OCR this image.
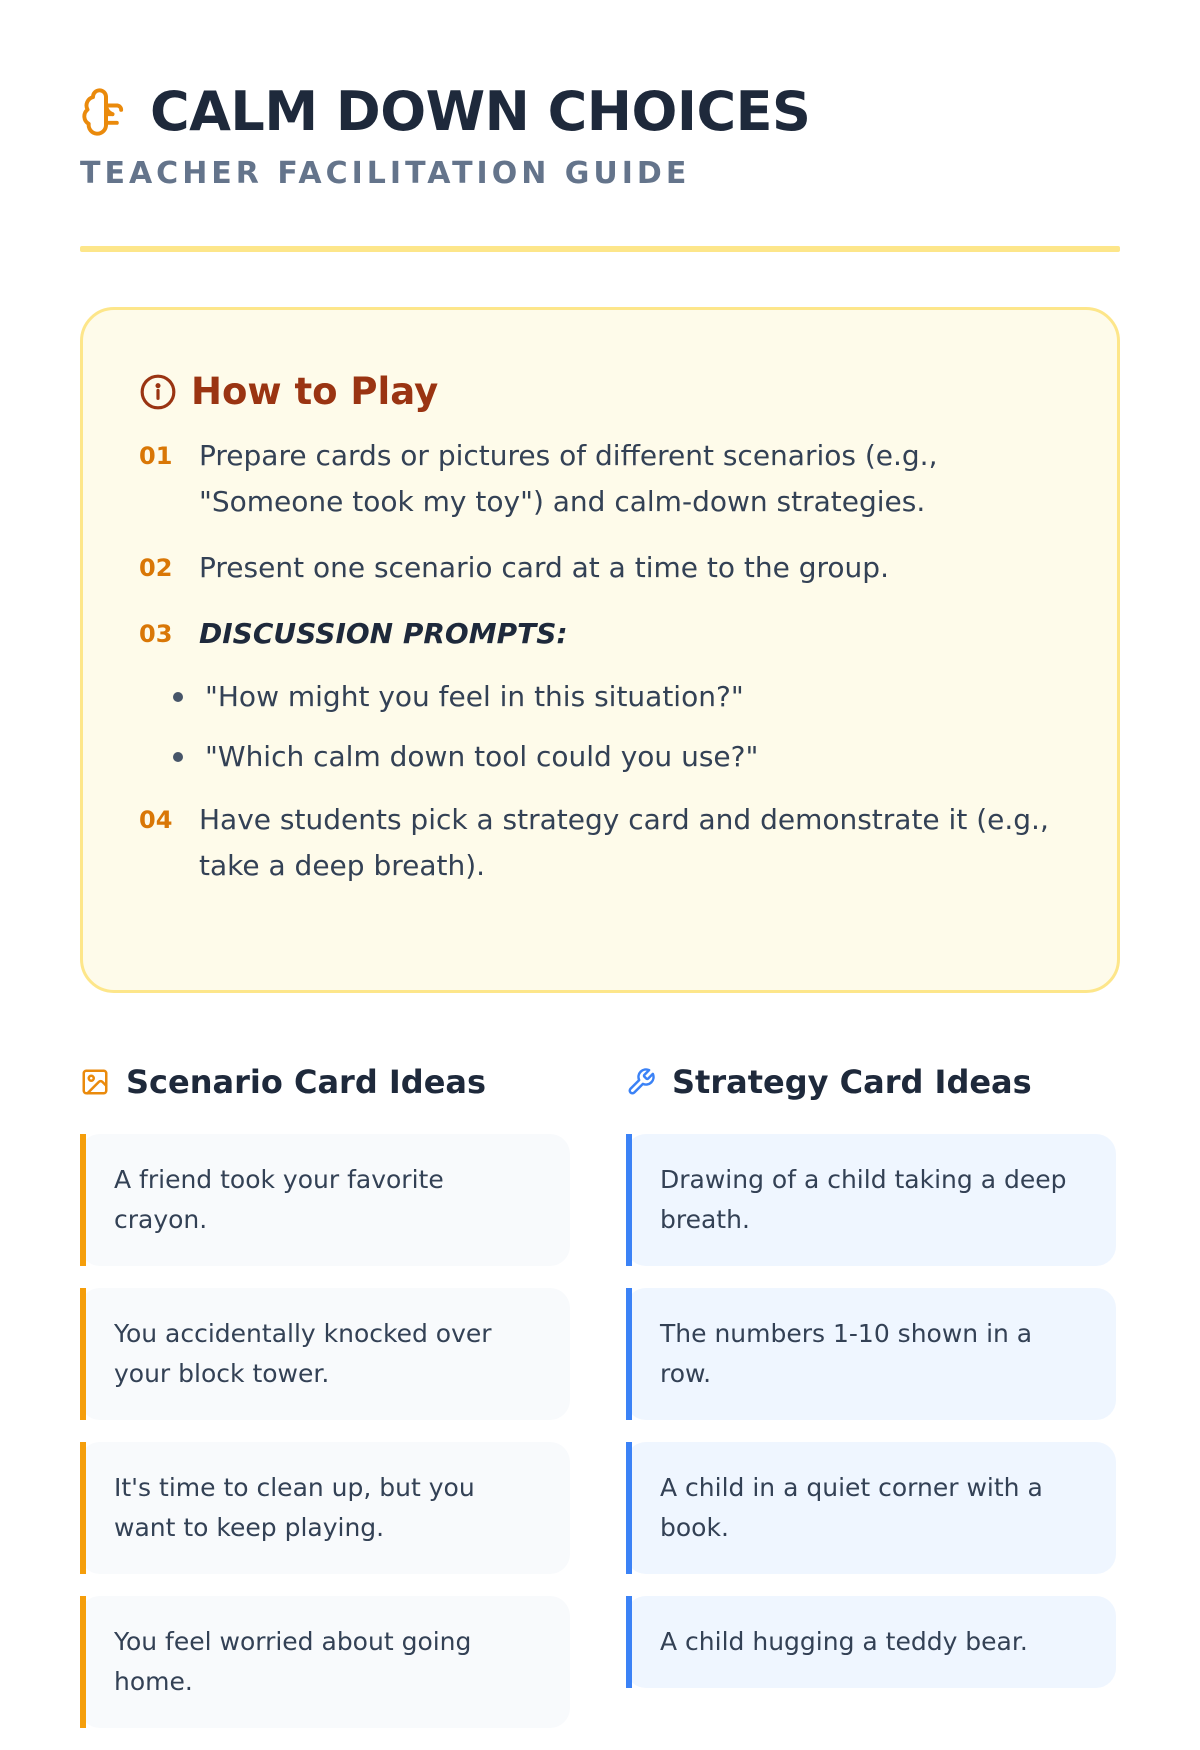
CALM DOWN CHOICES
TEACHER FACILITATION GUIDE
How to Play
01 Prepare cards or pictures of different scenarios (e.g., "Someone took my toy") and calm-down strategies.
02 Present one scenario card at a time to the group.
03 DISCUSSION PROMPTS:
"How might you feel in this situation?"
"Which calm down tool could you use?"
04 Have students pick a strategy card and demonstrate it (e.g., take a deep breath).
Scenario Card Ideas
A friend took your favorite crayon.
You accidentally knocked over your block tower.
It's time to clean up, but you want to keep playing.
You feel worried about going home.
Strategy Card Ideas
Drawing of a child taking a deep breath.
The numbers 1-10 shown in a row.
A child in a quiet corner with a book.
A child hugging a teddy bear.
